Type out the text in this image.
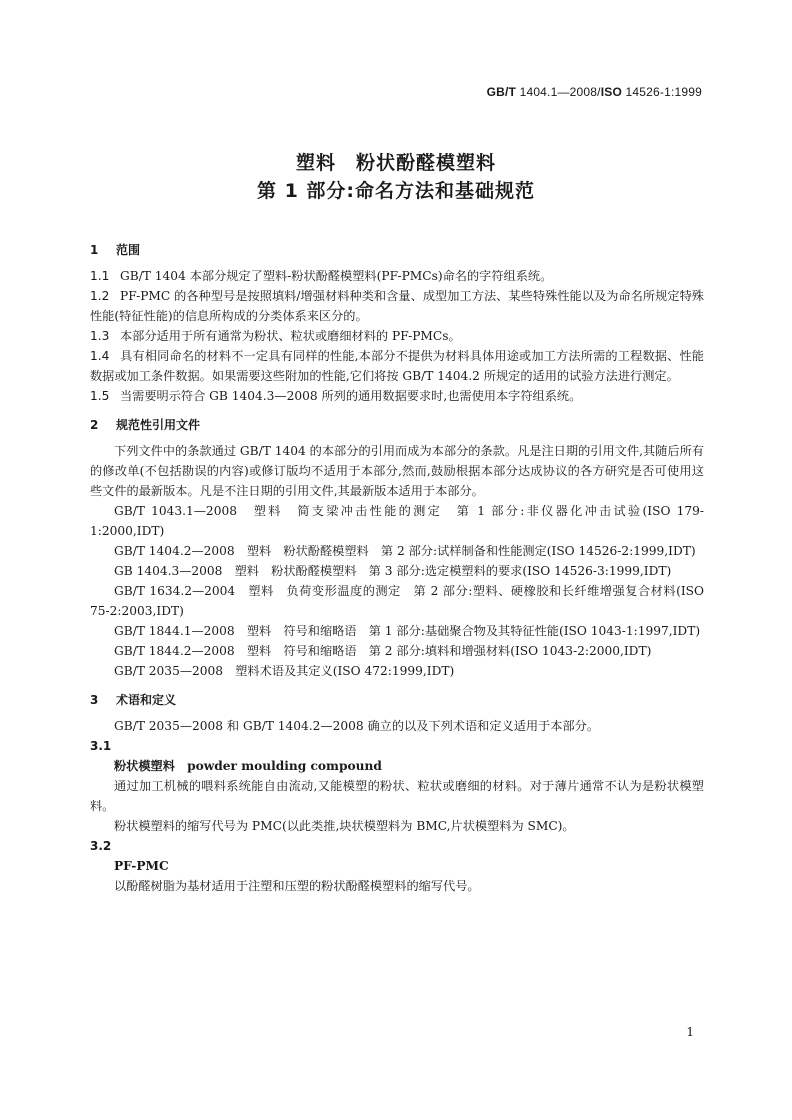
GB/T 1404.1—2008/ISO 14526-1:1999
塑料　粉状酚醛模塑料
第 1 部分:命名方法和基础规范
1 范围

1.1 GB/T 1404 本部分规定了塑料-粉状酚醛模塑料(PF-PMCs)命名的字符组系统。

1.2 PF-PMC 的各种型号是按照填料/增强材料种类和含量、成型加工方法、某些特殊性能以及为命名所规定特殊性能(特征性能)的信息所构成的分类体系来区分的。

1.3 本部分适用于所有通常为粉状、粒状或磨细材料的 PF-PMCs。

1.4 具有相同命名的材料不一定具有同样的性能,本部分不提供为材料具体用途或加工方法所需的工程数据、性能数据或加工条件数据。如果需要这些附加的性能,它们将按 GB/T 1404.2 所规定的适用的试验方法进行测定。

1.5 当需要明示符合 GB 1404.3—2008 所列的通用数据要求时,也需使用本字符组系统。

2 规范性引用文件

下列文件中的条款通过 GB/T 1404 的本部分的引用而成为本部分的条款。凡是注日期的引用文件,其随后所有的修改单(不包括勘误的内容)或修订版均不适用于本部分,然而,鼓励根据本部分达成协议的各方研究是否可使用这些文件的最新版本。凡是不注日期的引用文件,其最新版本适用于本部分。

GB/T 1043.1—2008　塑料　简支梁冲击性能的测定　第 1 部分:非仪器化冲击试验(ISO 179-1:2000,IDT)

GB/T 1404.2—2008　塑料　粉状酚醛模塑料　第 2 部分:试样制备和性能测定(ISO 14526-2:1999,IDT)

GB 1404.3—2008　塑料　粉状酚醛模塑料　第 3 部分:选定模塑料的要求(ISO 14526-3:1999,IDT)

GB/T 1634.2—2004　塑料　负荷变形温度的测定　第 2 部分:塑料、硬橡胶和长纤维增强复合材料(ISO 75-2:2003,IDT)

GB/T 1844.1—2008　塑料　符号和缩略语　第 1 部分:基础聚合物及其特征性能(ISO 1043-1:1997,IDT)

GB/T 1844.2—2008　塑料　符号和缩略语　第 2 部分:填料和增强材料(ISO 1043-2:2000,IDT)

GB/T 2035—2008　塑料术语及其定义(ISO 472:1999,IDT)

3 术语和定义

GB/T 2035—2008 和 GB/T 1404.2—2008 确立的以及下列术语和定义适用于本部分。

3.1
粉状模塑料　powder moulding compound

通过加工机械的喂料系统能自由流动,又能模塑的粉状、粒状或磨细的材料。对于薄片通常不认为是粉状模塑料。

粉状模塑料的缩写代号为 PMC(以此类推,块状模塑料为 BMC,片状模塑料为 SMC)。

3.2
PF-PMC

以酚醛树脂为基材适用于注塑和压塑的粉状酚醛模塑料的缩写代号。

1
